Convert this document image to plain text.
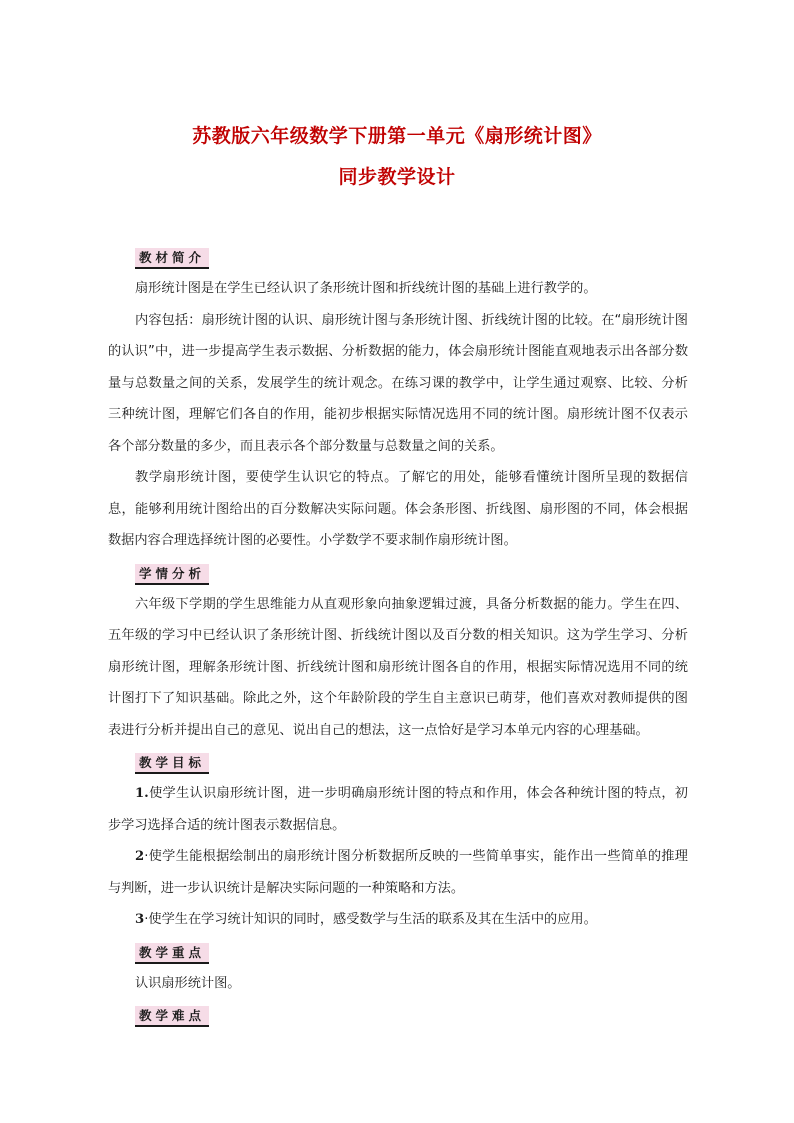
苏教版六年级数学下册第一单元《扇形统计图》
同步教学设计
教材简介

扇形统计图是在学生已经认识了条形统计图和折线统计图的基础上进行教学的。

内容包括：扇形统计图的认识、扇形统计图与条形统计图、折线统计图的比较。在“扇形统计图的认识”中，进一步提高学生表示数据、分析数据的能力，体会扇形统计图能直观地表示出各部分数量与总数量之间的关系，发展学生的统计观念。在练习课的教学中，让学生通过观察、比较、分析三种统计图，理解它们各自的作用，能初步根据实际情况选用不同的统计图。扇形统计图不仅表示各个部分数量的多少，而且表示各个部分数量与总数量之间的关系。

教学扇形统计图，要使学生认识它的特点。了解它的用处，能够看懂统计图所呈现的数据信息，能够利用统计图给出的百分数解决实际问题。体会条形图、折线图、扇形图的不同，体会根据数据内容合理选择统计图的必要性。小学数学不要求制作扇形统计图。

学情分析

六年级下学期的学生思维能力从直观形象向抽象逻辑过渡，具备分析数据的能力。学生在四、五年级的学习中已经认识了条形统计图、折线统计图以及百分数的相关知识。这为学生学习、分析扇形统计图，理解条形统计图、折线统计图和扇形统计图各自的作用，根据实际情况选用不同的统计图打下了知识基础。除此之外，这个年龄阶段的学生自主意识已萌芽，他们喜欢对教师提供的图表进行分析并提出自己的意见、说出自己的想法，这一点恰好是学习本单元内容的心理基础。

教学目标

1.使学生认识扇形统计图，进一步明确扇形统计图的特点和作用，体会各种统计图的特点，初步学习选择合适的统计图表示数据信息。

2·使学生能根据绘制出的扇形统计图分析数据所反映的一些简单事实，能作出一些简单的推理与判断，进一步认识统计是解决实际问题的一种策略和方法。

3·使学生在学习统计知识的同时，感受数学与生活的联系及其在生活中的应用。

教学重点

认识扇形统计图。

教学难点
